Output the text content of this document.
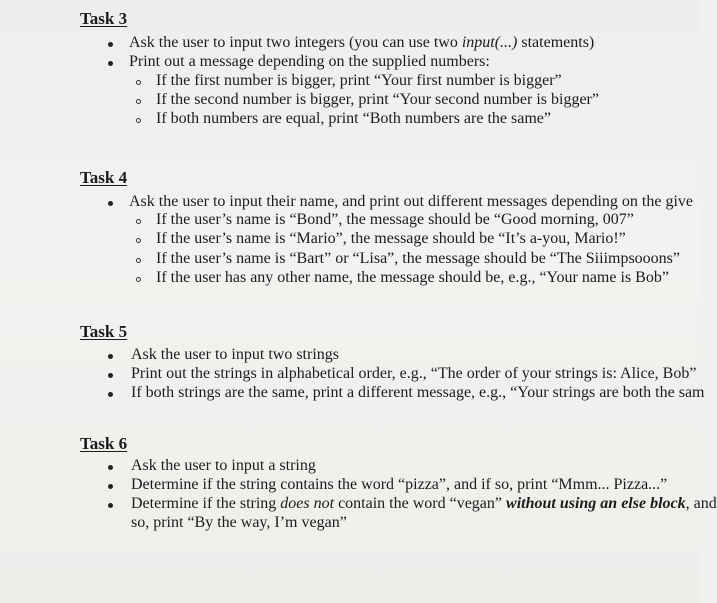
Task 3
Ask the user to input two integers (you can use two input(...) statements)
Print out a message depending on the supplied numbers:
If the first number is bigger, print “Your first number is bigger”
If the second number is bigger, print “Your second number is bigger”
If both numbers are equal, print “Both numbers are the same”
Task 4
Ask the user to input their name, and print out different messages depending on the give
If the user’s name is “Bond”, the message should be “Good morning, 007”
If the user’s name is “Mario”, the message should be “It’s a-you, Mario!”
If the user’s name is “Bart” or “Lisa”, the message should be “The Siiimpsooons”
If the user has any other name, the message should be, e.g., “Your name is Bob”
Task 5
Ask the user to input two strings
Print out the strings in alphabetical order, e.g., “The order of your strings is: Alice, Bob”
If both strings are the same, print a different message, e.g., “Your strings are both the sam
Task 6
Ask the user to input a string
Determine if the string contains the word “pizza”, and if so, print “Mmm... Pizza...”
Determine if the string does not contain the word “vegan” without using an else block, and
so, print “By the way, I’m vegan”
